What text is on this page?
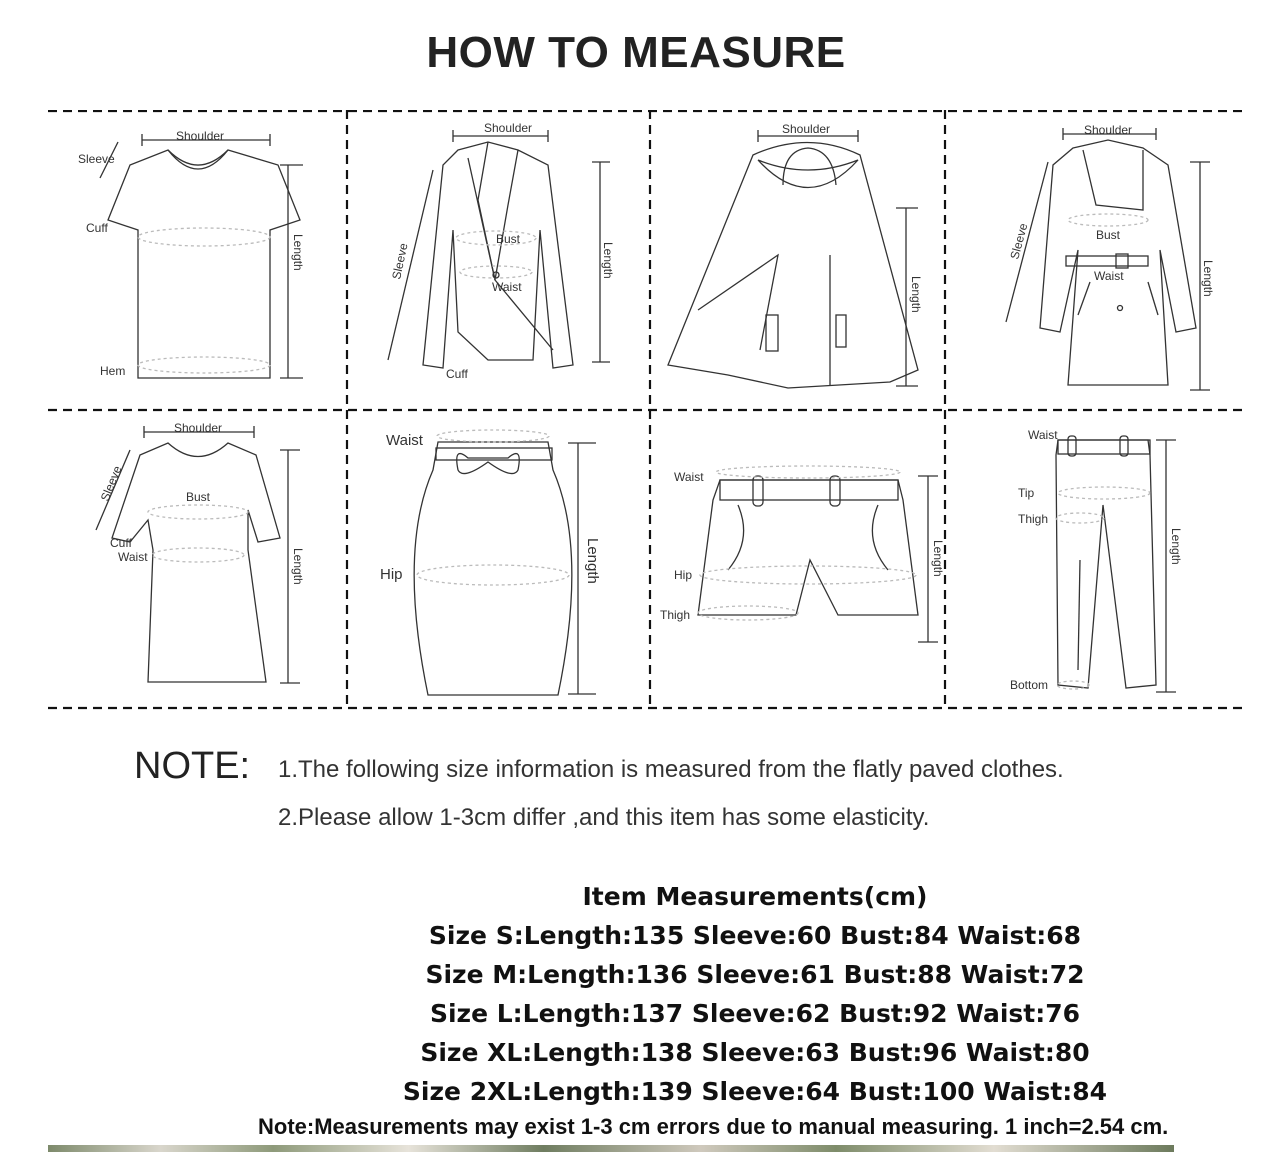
HOW TO MEASURE
Shoulder
Sleeve
Cuff
Hem
Length
Shoulder
Sleeve
Bust
Waist
Cuff
Length
Shoulder
Length
Shoulder
Sleeve	Bust
Waist	Length
Shoulder
Sleeve	Bust
Cuff
Waist	Length
Waist
Hip	Length
Waist
Hip
Thigh
Length
Waist
Tip
Thigh
Bottom
Length
NOTE: 1.The following size information is measured from the flatly paved clothes.
2.Please allow 1-3cm differ ,and this item has some elasticity.
Item Measurements(cm)
Size S:Length:135 Sleeve:60 Bust:84 Waist:68
Size M:Length:136 Sleeve:61 Bust:88 Waist:72
Size L:Length:137 Sleeve:62 Bust:92 Waist:76
Size XL:Length:138 Sleeve:63 Bust:96 Waist:80
Size 2XL:Length:139 Sleeve:64 Bust:100 Waist:84
Note:Measurements may exist 1-3 cm errors due to manual measuring. 1 inch=2.54 cm.
